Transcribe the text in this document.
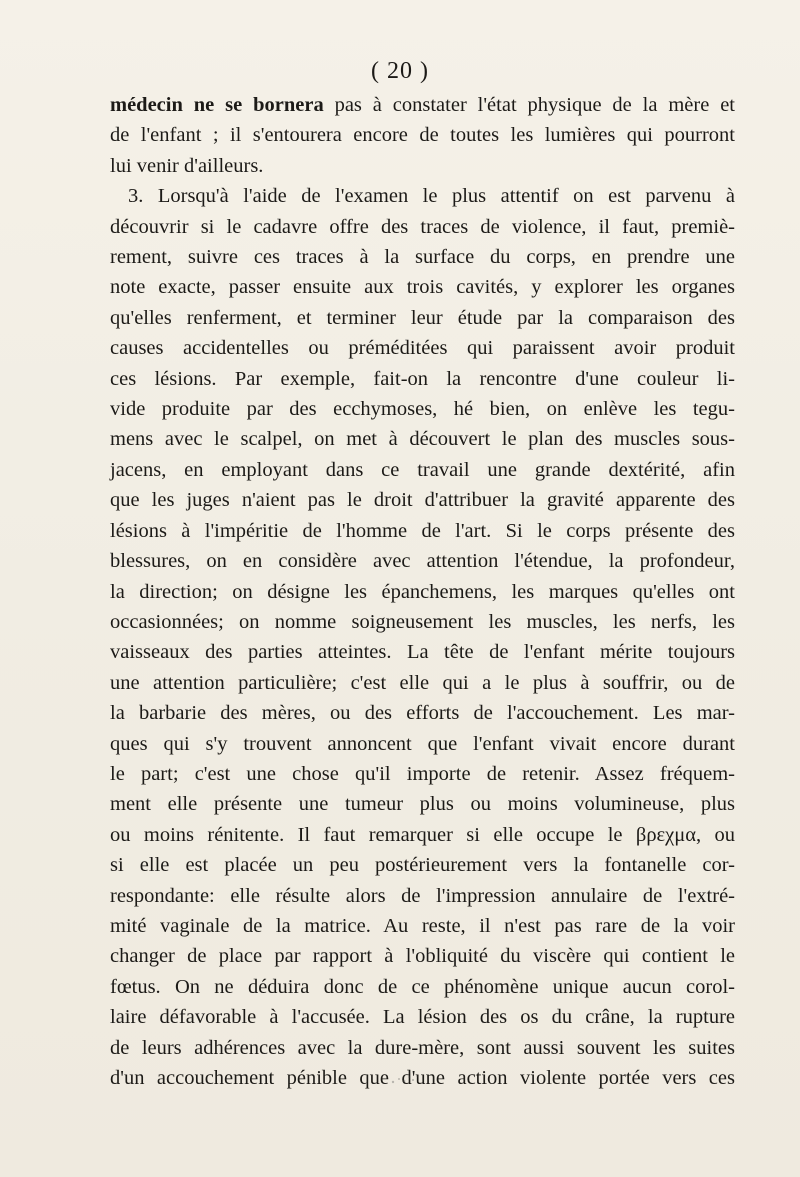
( 20 )
médecin ne se bornera pas à constater l'état physique de la mère et
de l'enfant ; il s'entourera encore de toutes les lumières qui pourront
lui venir d'ailleurs.
3. Lorsqu'à l'aide de l'examen le plus attentif on est parvenu à
découvrir si le cadavre offre des traces de violence, il faut, premiè-
rement, suivre ces traces à la surface du corps, en prendre une
note exacte, passer ensuite aux trois cavités, y explorer les organes
qu'elles renferment, et terminer leur étude par la comparaison des
causes accidentelles ou préméditées qui paraissent avoir produit
ces lésions. Par exemple, fait-on la rencontre d'une couleur li-
vide produite par des ecchymoses, hé bien, on enlève les tegu-
mens avec le scalpel, on met à découvert le plan des muscles sous-
jacens, en employant dans ce travail une grande dextérité, afin
que les juges n'aient pas le droit d'attribuer la gravité apparente des
lésions à l'impéritie de l'homme de l'art. Si le corps présente des
blessures, on en considère avec attention l'étendue, la profondeur,
la direction; on désigne les épanchemens, les marques qu'elles ont
occasionnées; on nomme soigneusement les muscles, les nerfs, les
vaisseaux des parties atteintes. La tête de l'enfant mérite toujours
une attention particulière; c'est elle qui a le plus à souffrir, ou de
la barbarie des mères, ou des efforts de l'accouchement. Les mar-
ques qui s'y trouvent annoncent que l'enfant vivait encore durant
le part; c'est une chose qu'il importe de retenir. Assez fréquem-
ment elle présente une tumeur plus ou moins volumineuse, plus
ou moins rénitente. Il faut remarquer si elle occupe le βρεχμα, ou
si elle est placée un peu postérieurement vers la fontanelle cor-
respondante: elle résulte alors de l'impression annulaire de l'extré-
mité vaginale de la matrice. Au reste, il n'est pas rare de la voir
changer de place par rapport à l'obliquité du viscère qui contient le
fœtus. On ne déduira donc de ce phénomène unique aucun corol-
laire défavorable à l'accusée. La lésion des os du crâne, la rupture
de leurs adhérences avec la dure-mère, sont aussi souvent les suites
d'un accouchement pénible que d'une action violente portée vers ces
